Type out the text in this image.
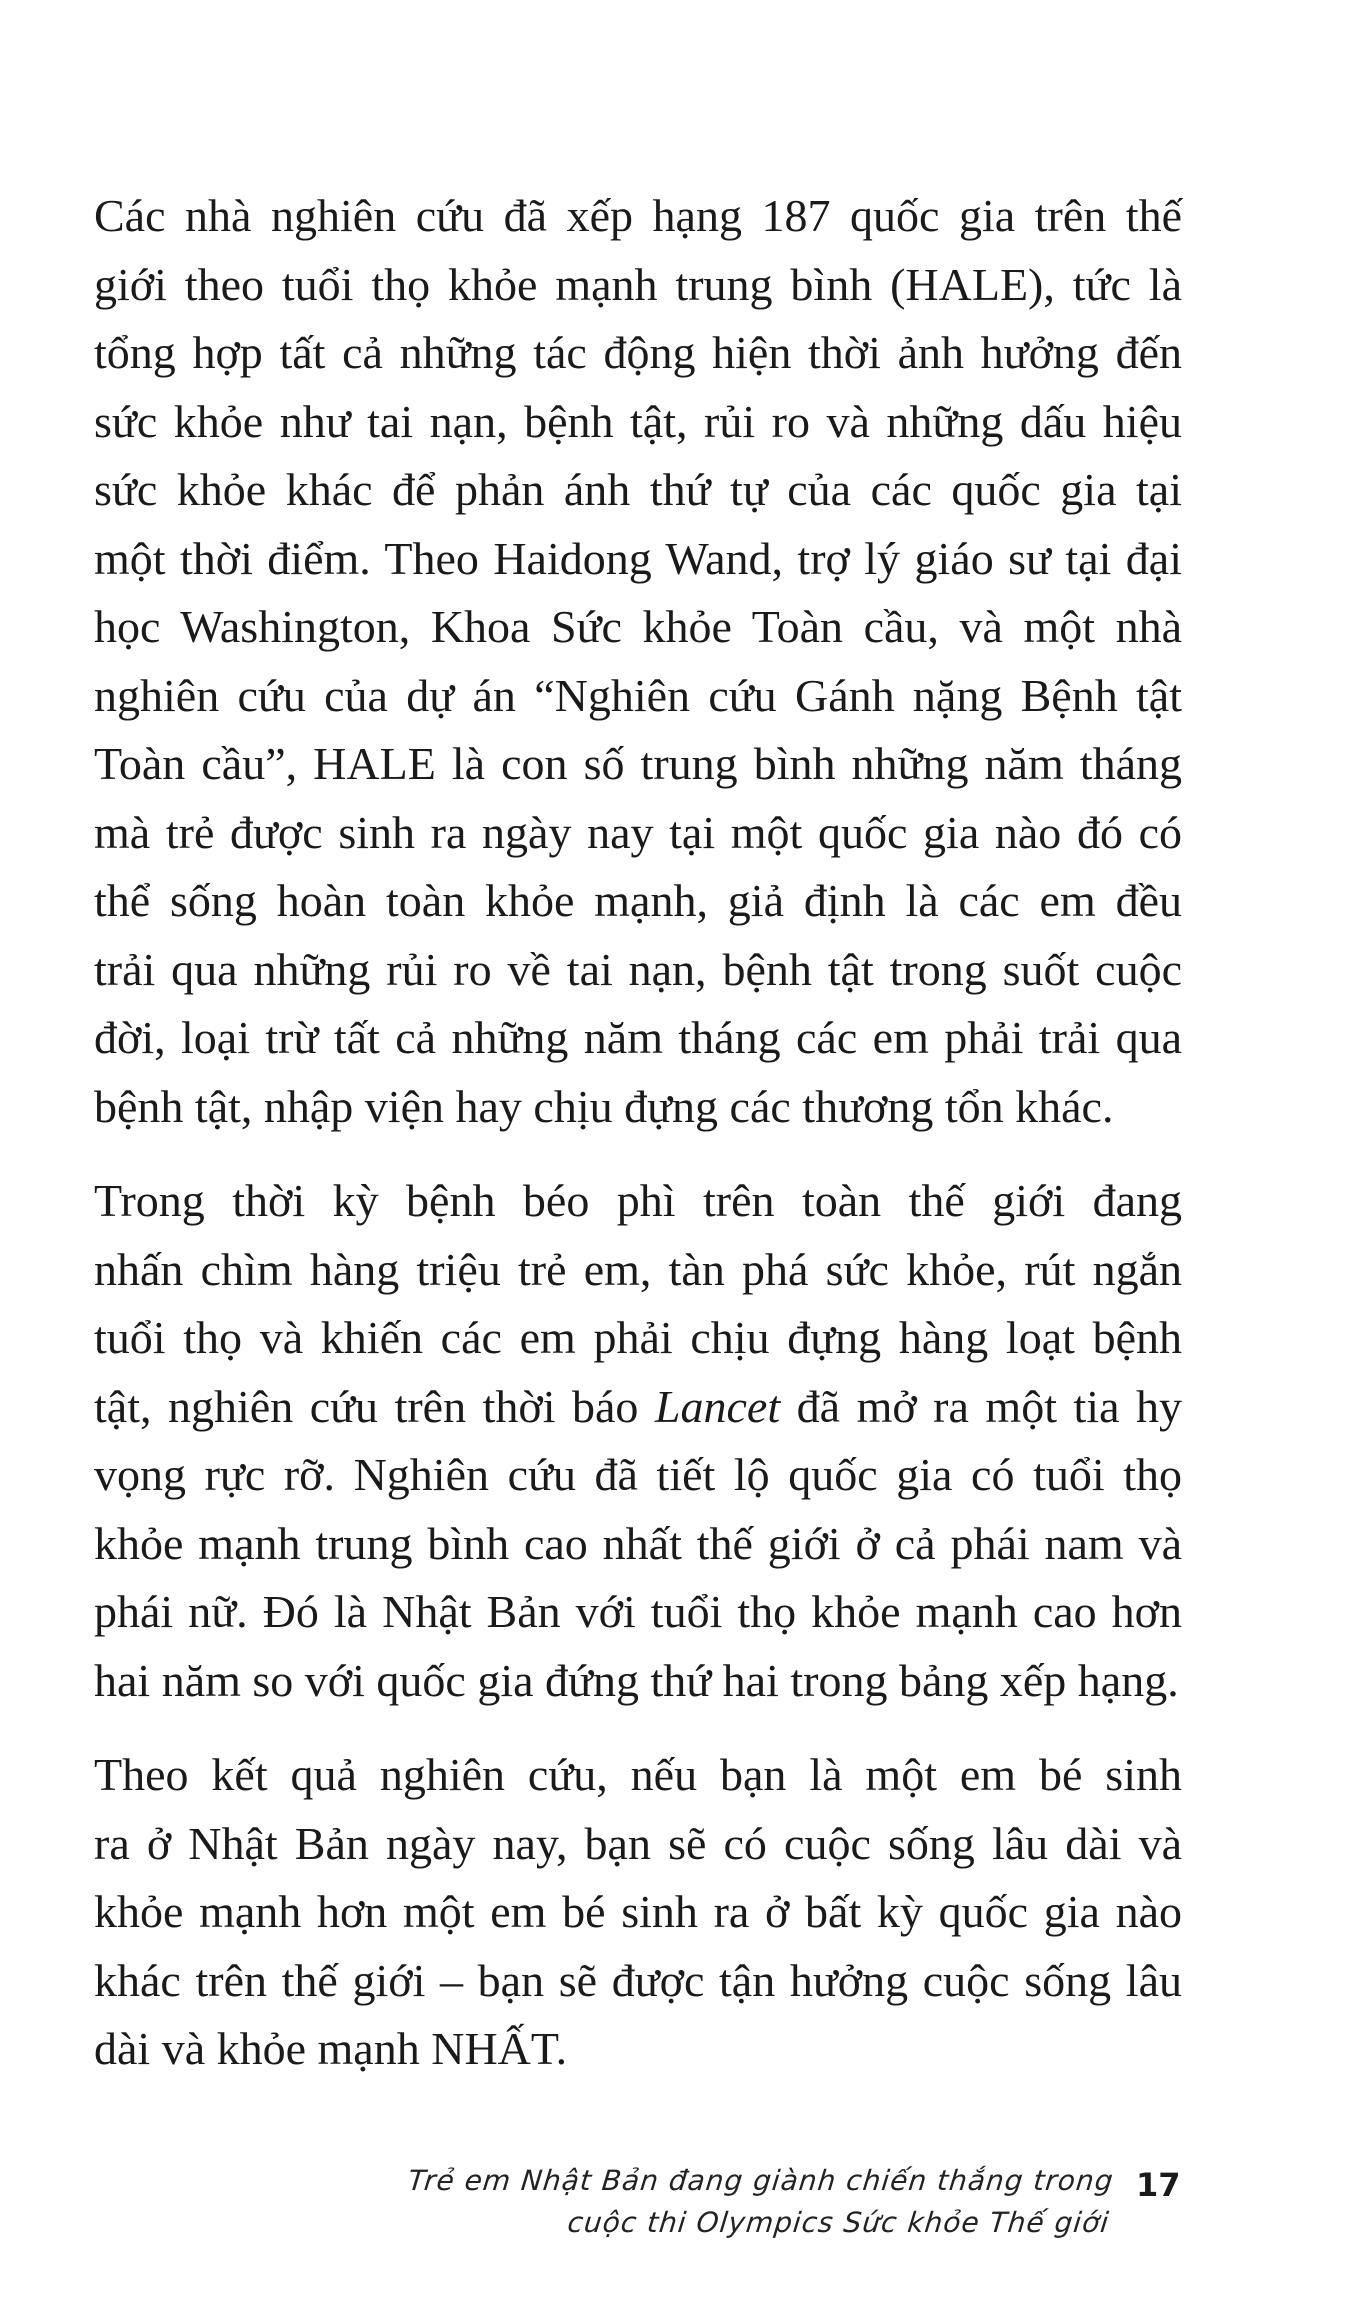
Các nhà nghiên cứu đã xếp hạng 187 quốc gia trên thế
giới theo tuổi thọ khỏe mạnh trung bình (HALE), tức là
tổng hợp tất cả những tác động hiện thời ảnh hưởng đến
sức khỏe như tai nạn, bệnh tật, rủi ro và những dấu hiệu
sức khỏe khác để phản ánh thứ tự của các quốc gia tại
một thời điểm. Theo Haidong Wand, trợ lý giáo sư tại đại
học Washington, Khoa Sức khỏe Toàn cầu, và một nhà
nghiên cứu của dự án “Nghiên cứu Gánh nặng Bệnh tật
Toàn cầu”, HALE là con số trung bình những năm tháng
mà trẻ được sinh ra ngày nay tại một quốc gia nào đó có
thể sống hoàn toàn khỏe mạnh, giả định là các em đều
trải qua những rủi ro về tai nạn, bệnh tật trong suốt cuộc
đời, loại trừ tất cả những năm tháng các em phải trải qua
bệnh tật, nhập viện hay chịu đựng các thương tổn khác.

Trong thời kỳ bệnh béo phì trên toàn thế giới đang
nhấn chìm hàng triệu trẻ em, tàn phá sức khỏe, rút ngắn
tuổi thọ và khiến các em phải chịu đựng hàng loạt bệnh
tật, nghiên cứu trên thời báo Lancet đã mở ra một tia hy
vọng rực rỡ. Nghiên cứu đã tiết lộ quốc gia có tuổi thọ
khỏe mạnh trung bình cao nhất thế giới ở cả phái nam và
phái nữ. Đó là Nhật Bản với tuổi thọ khỏe mạnh cao hơn
hai năm so với quốc gia đứng thứ hai trong bảng xếp hạng.

Theo kết quả nghiên cứu, nếu bạn là một em bé sinh
ra ở Nhật Bản ngày nay, bạn sẽ có cuộc sống lâu dài và
khỏe mạnh hơn một em bé sinh ra ở bất kỳ quốc gia nào
khác trên thế giới – bạn sẽ được tận hưởng cuộc sống lâu
dài và khỏe mạnh NHẤT.

Trẻ em Nhật Bản đang giành chiến thắng trong
cuộc thi Olympics Sức khỏe Thế giới
17
